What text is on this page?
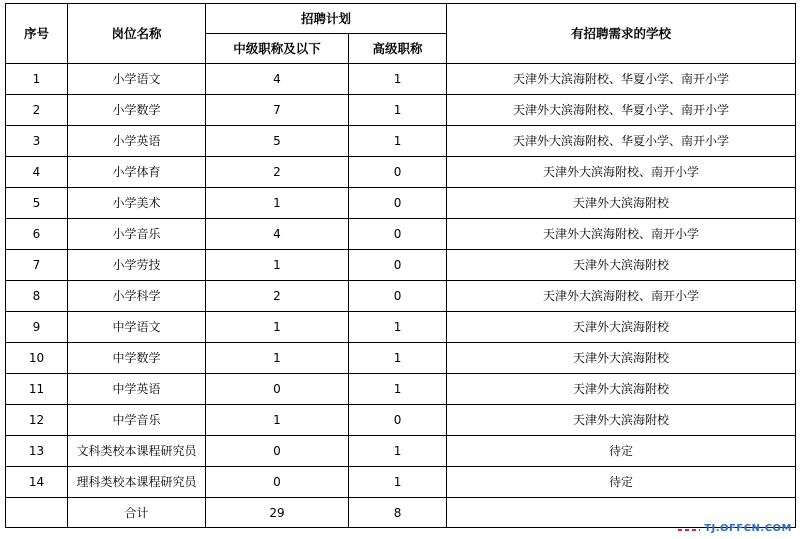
序号	岗位名称	招聘计划		有招聘需求的学校
		中级职称及以下	高级职称	
1	小学语文	4	1	天津外大滨海附校、华夏小学、南开小学
2	小学数学	7	1	天津外大滨海附校、华夏小学、南开小学
3	小学英语	5	1	天津外大滨海附校、华夏小学、南开小学
4	小学体育	2	0	天津外大滨海附校、南开小学
5	小学美术	1	0	天津外大滨海附校
6	小学音乐	4	0	天津外大滨海附校、南开小学
7	小学劳技	1	0	天津外大滨海附校
8	小学科学	2	0	天津外大滨海附校、南开小学
9	中学语文	1	1	天津外大滨海附校
10	中学数学	1	1	天津外大滨海附校
11	中学英语	0	1	天津外大滨海附校
12	中学音乐	1	0	天津外大滨海附校
13	文科类校本课程研究员	0	1	待定
14	理科类校本课程研究员	0	1	待定
	合计	29	8	
TJ.OFFCN.COM
